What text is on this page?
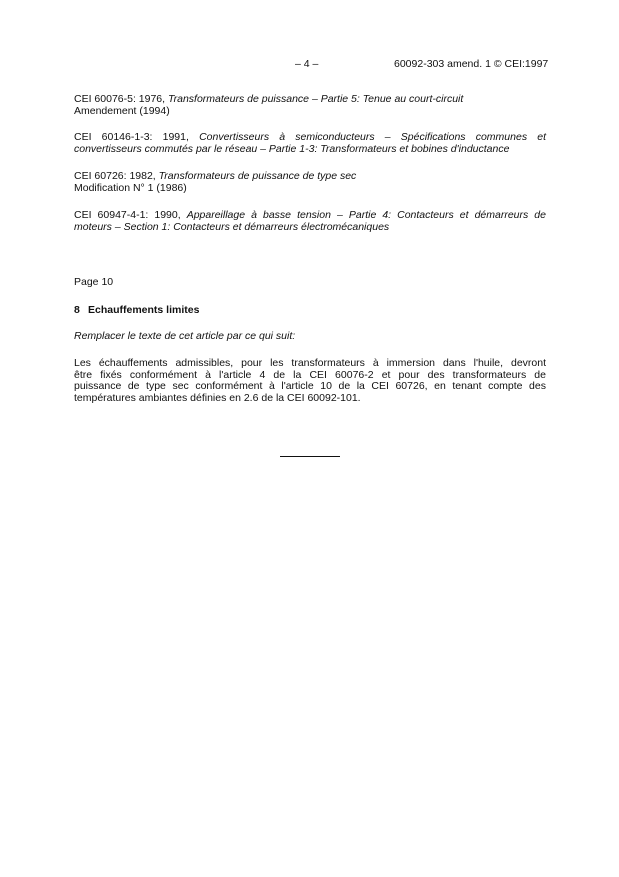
– 4 –	60092-303 amend. 1 © CEI:1997
CEI 60076-5: 1976, Transformateurs de puissance – Partie 5: Tenue au court-circuit
Amendement (1994)
CEI 60146-1-3: 1991, Convertisseurs à semiconducteurs – Spécifications communes et
convertisseurs commutés par le réseau – Partie 1-3: Transformateurs et bobines d'inductance
CEI 60726: 1982, Transformateurs de puissance de type sec
Modification N° 1 (1986)
CEI 60947-4-1: 1990, Appareillage à basse tension – Partie 4: Contacteurs et démarreurs de
moteurs – Section 1: Contacteurs et démarreurs électromécaniques
Page 10
8 Echauffements limites
Remplacer le texte de cet article par ce qui suit:
Les échauffements admissibles, pour les transformateurs à immersion dans l'huile, devront
être fixés conformément à l'article 4 de la CEI 60076-2 et pour des transformateurs de
puissance de type sec conformément à l'article 10 de la CEI 60726, en tenant compte des
températures ambiantes définies en 2.6 de la CEI 60092-101.
